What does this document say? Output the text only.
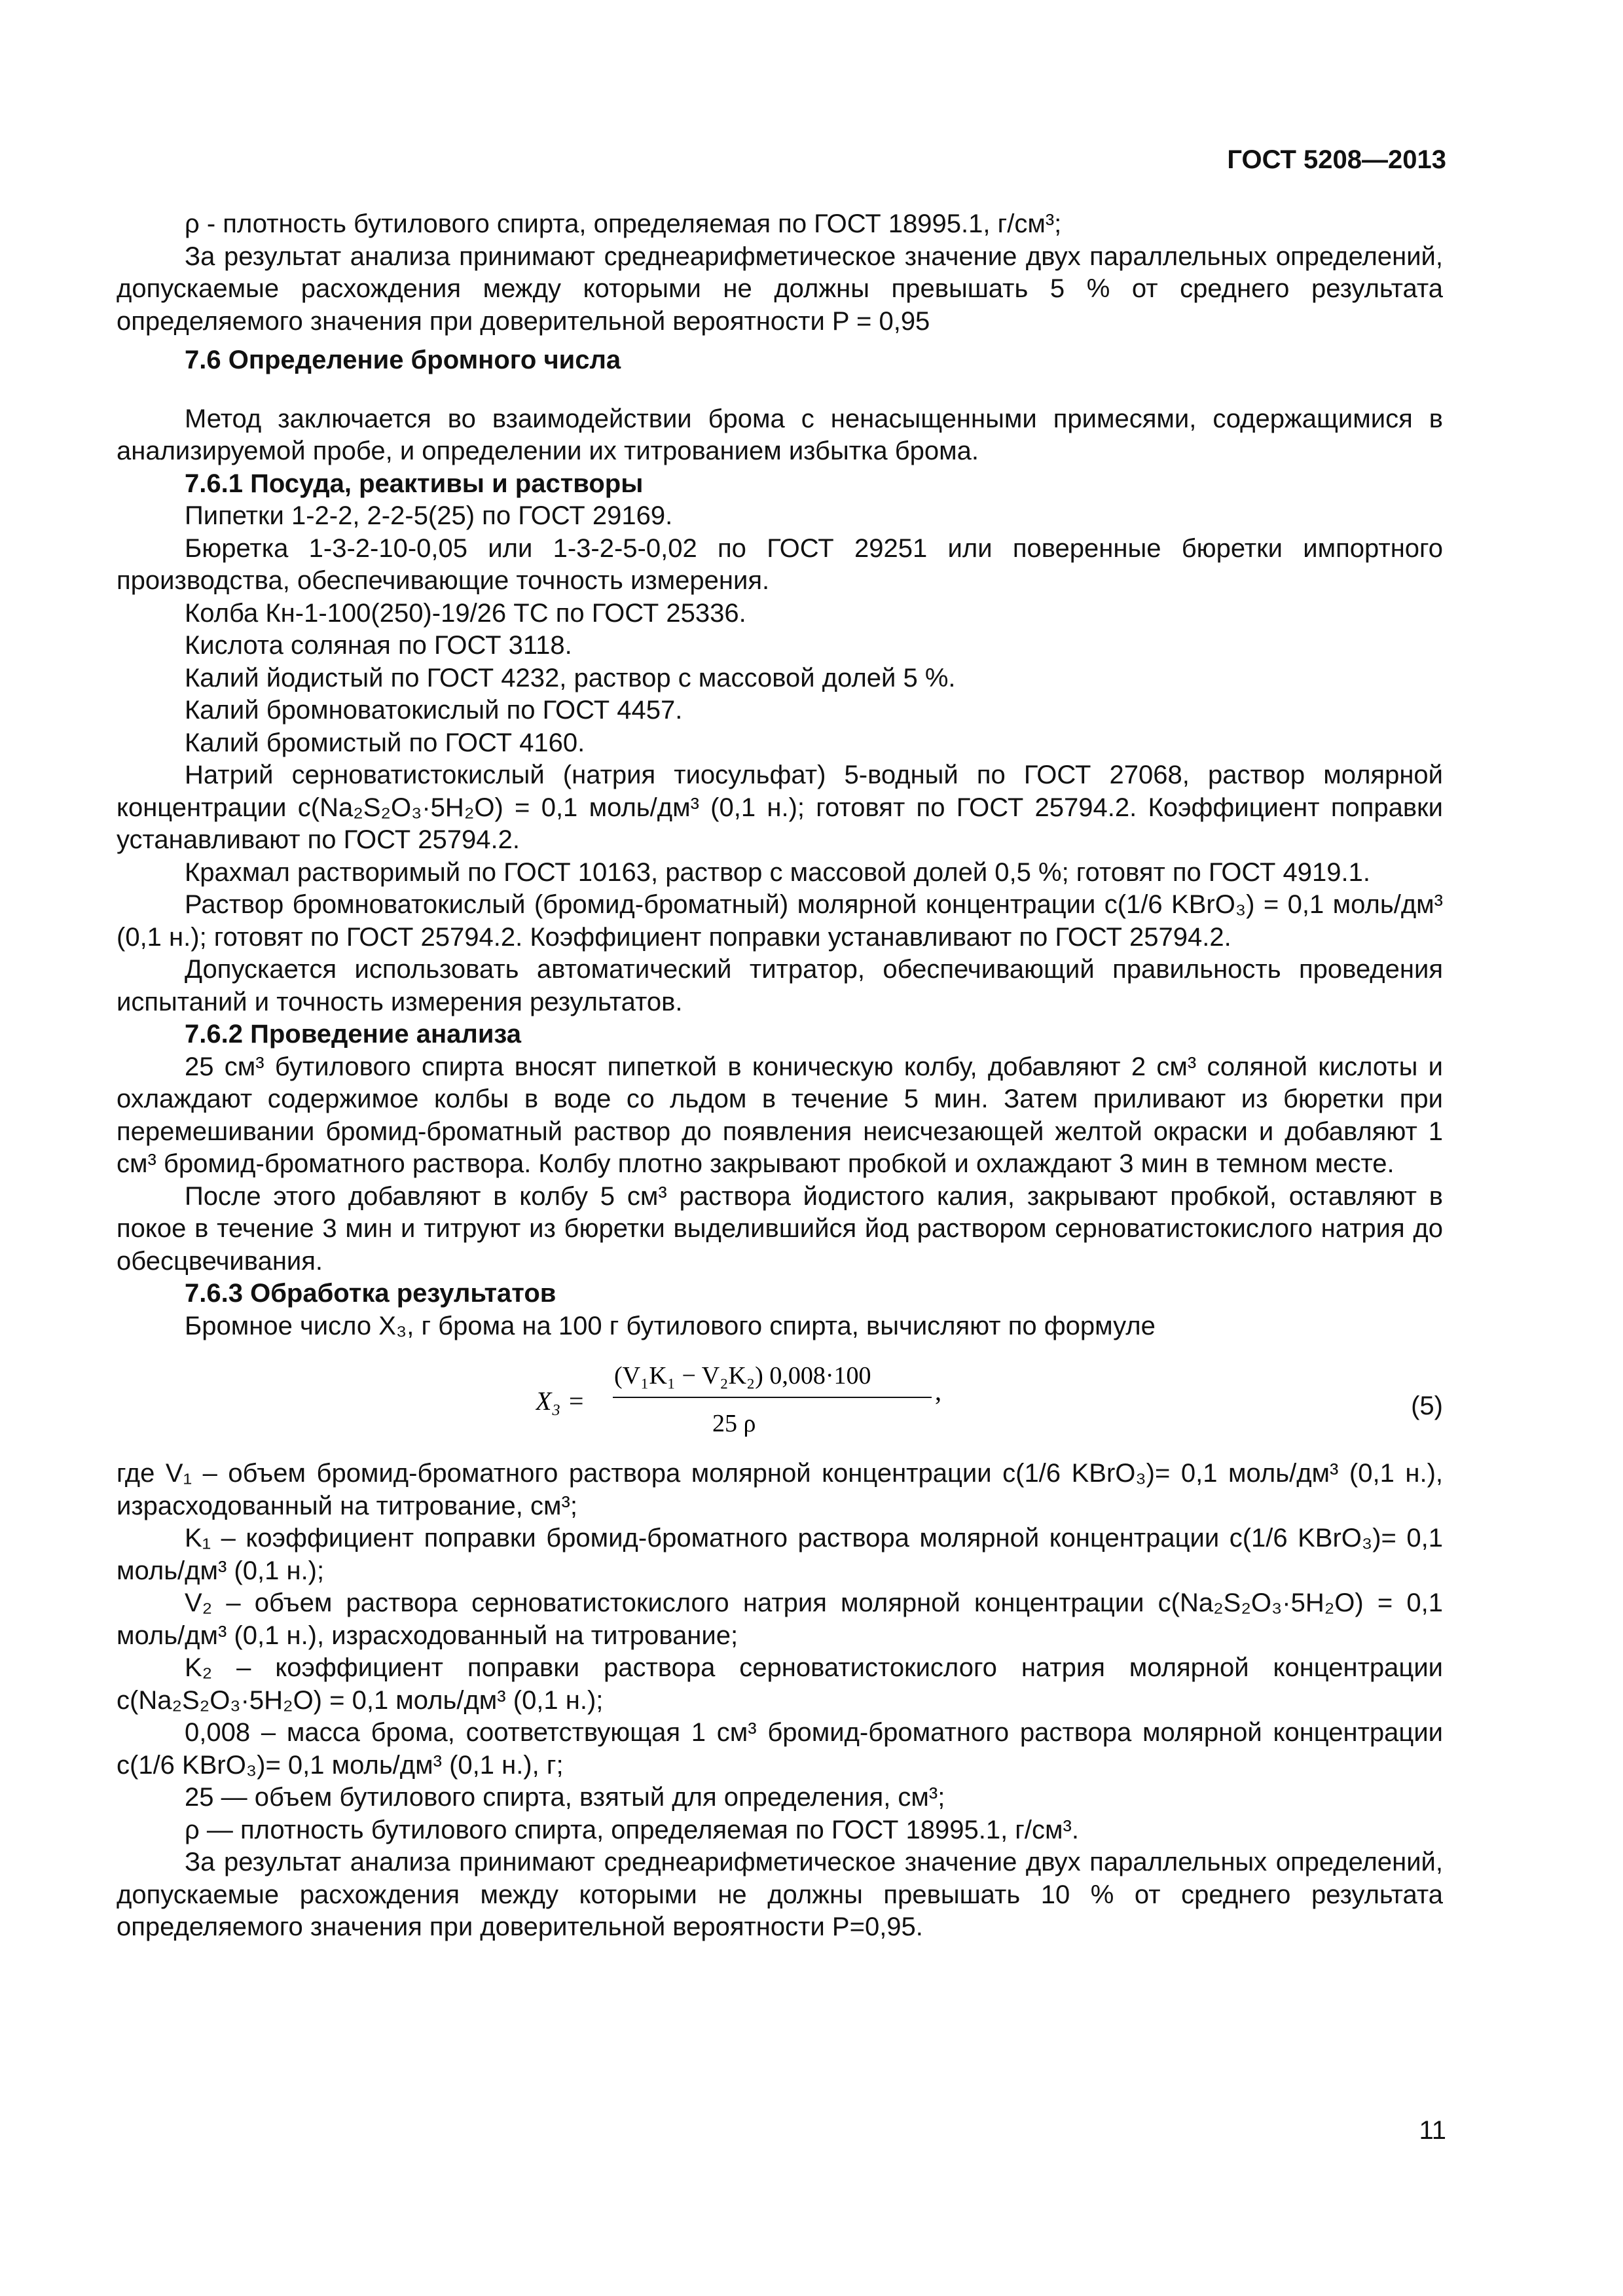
ГОСТ 5208—2013

ρ - плотность бутилового спирта, определяемая по ГОСТ 18995.1, г/см³;

За результат анализа принимают среднеарифметическое значение двух параллельных определений, допускаемые расхождения между которыми не должны превышать 5 % от среднего результата определяемого значения при доверительной вероятности P = 0,95

7.6 Определение бромного числа

Метод заключается во взаимодействии брома с ненасыщенными примесями, содержащимися в анализируемой пробе, и определении их титрованием избытка брома.

7.6.1 Посуда, реактивы и растворы

Пипетки 1-2-2, 2-2-5(25) по ГОСТ 29169.

Бюретка 1-3-2-10-0,05 или 1-3-2-5-0,02 по ГОСТ 29251 или поверенные бюретки импортного производства, обеспечивающие точность измерения.

Колба Кн-1-100(250)-19/26 ТС по ГОСТ 25336.

Кислота соляная по ГОСТ 3118.

Калий йодистый по ГОСТ 4232, раствор с массовой долей 5 %.

Калий бромноватокислый по ГОСТ 4457.

Калий бромистый по ГОСТ 4160.

Натрий серноватистокислый (натрия тиосульфат) 5-водный по ГОСТ 27068, раствор молярной концентрации c(Na₂S₂O₃·5H₂O) = 0,1 моль/дм³ (0,1 н.); готовят по ГОСТ 25794.2. Коэффициент поправки устанавливают по ГОСТ 25794.2.

Крахмал растворимый по ГОСТ 10163, раствор с массовой долей 0,5 %; готовят по ГОСТ 4919.1.

Раствор бромноватокислый (бромид-броматный) молярной концентрации c(1/6 KBrO₃) = 0,1 моль/дм³ (0,1 н.); готовят по ГОСТ 25794.2. Коэффициент поправки устанавливают по ГОСТ 25794.2.

Допускается использовать автоматический титратор, обеспечивающий правильность проведения испытаний и точность измерения результатов.

7.6.2 Проведение анализа

25 см³ бутилового спирта вносят пипеткой в коническую колбу, добавляют 2 см³ соляной кислоты и охлаждают содержимое колбы в воде со льдом в течение 5 мин. Затем приливают из бюретки при перемешивании бромид-броматный раствор до появления неисчезающей желтой окраски и добавляют 1 см³ бромид-броматного раствора. Колбу плотно закрывают пробкой и охлаждают 3 мин в темном месте.

После этого добавляют в колбу 5 см³ раствора йодистого калия, закрывают пробкой, оставляют в покое в течение 3 мин и титруют из бюретки выделившийся йод раствором серноватистокислого натрия до обесцвечивания.

7.6.3 Обработка результатов

Бромное число X₃, г брома на 100 г бутилового спирта, вычисляют по формуле

X₃ =
(V₁K₁ − V₂K₂) 0,008·100
25 ρ
,	(5)

где V₁ – объем бромид-броматного раствора молярной концентрации c(1/6 KBrO₃)= 0,1 моль/дм³ (0,1 н.), израсходованный на титрование, см³;

K₁ – коэффициент поправки бромид-броматного раствора молярной концентрации с(1/6 KBrO₃)= 0,1 моль/дм³ (0,1 н.);

V₂ – объем раствора серноватистокислого натрия молярной концентрации c(Na₂S₂O₃·5H₂O) = 0,1 моль/дм³ (0,1 н.), израсходованный на титрование;

K₂ – коэффициент поправки раствора серноватистокислого натрия молярной концентрации c(Na₂S₂O₃·5H₂O) = 0,1 моль/дм³ (0,1 н.);

0,008 – масса брома, соответствующая 1 см³ бромид-броматного раствора молярной концентрации c(1/6 KBrO₃)= 0,1 моль/дм³ (0,1 н.), г;

25 — объем бутилового спирта, взятый для определения, см³;

ρ — плотность бутилового спирта, определяемая по ГОСТ 18995.1, г/см³.

За результат анализа принимают среднеарифметическое значение двух параллельных определений, допускаемые расхождения между которыми не должны превышать 10 % от среднего результата определяемого значения при доверительной вероятности P=0,95.

11
